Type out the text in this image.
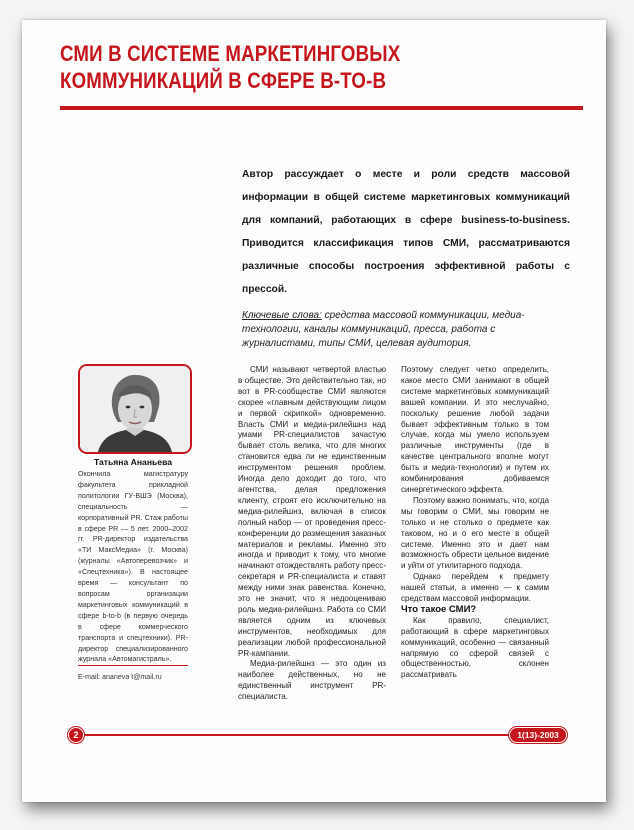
СМИ В СИСТЕМЕ МАРКЕТИНГОВЫХ КОММУНИКАЦИЙ В СФЕРЕ В-ТО-В
Автор рассуждает о месте и роли средств массовой информации в общей системе маркетинговых коммуникаций для компаний, работающих в сфере business-to-business. Приводится классификация типов СМИ, рассматриваются различные способы построения эффективной работы с прессой.
Ключевые слова: средства массовой коммуникации, медиа-технологии, каналы коммуникаций, пресса, работа с журналистами, типы СМИ, целевая аудитория.
Татьяна Ананьева
Окончила магистратуру факультета прикладной политологии ГУ-ВШЭ (Москва), специальность — корпоративный PR. Стаж работы в сфере PR — 5 лет. 2000–2002 гг. PR-директор издательства «ТИ МаксМедиа» (г. Москва) (журналы «Автоперевозчик» и «Спецтехника»). В настоящее время — консультант по вопросам организации маркетинговых коммуникаций в сфере b-to-b (в первую очередь в сфере коммерческого транспорта и спецтехники). PR-директор специализированного журнала «Автомагистраль».
E-mail: ananeva t@mail.ru

СМИ называют четвертой властью в обществе. Это действительно так, но вот в PR-сообществе СМИ являются скорее «главным действующим лицом и первой скрипкой» одновременно. Власть СМИ и медиа-рилейшнз над умами PR-специалистов зачастую бывает столь велика, что для многих становится едва ли не единственным инструментом решения проблем. Иногда дело доходит до того, что агентства, делая предложения клиенту, строят его исключительно на медиа-рилейшнз, включая в список полный набор — от проведения пресс-конференции до размещения заказных материалов и рекламы. Именно это иногда и приводит к тому, что многие начинают отождествлять работу пресс-секретаря и PR-специалиста и ставят между ними знак равенства. Конечно, это не значит, что я недооцениваю роль медиа-рилейшнз. Работа со СМИ является одним из ключевых инструментов, необходимых для реализации любой профессиональной PR-кампании.

Медиа-рилейшнз — это один из наиболее действенных, но не единственный инструмент PR-специалиста.

Поэтому следует четко определить, какое место СМИ занимают в общей системе маркетинговых коммуникаций вашей компании. И это неслучайно, поскольку решение любой задачи бывает эффективным только в том случае, когда мы умело используем различные инструменты (где в качестве центрального вполне могут быть и медиа-технологии) и путем их комбинирования добиваемся синергетического эффекта.

Поэтому важно понимать, что, когда мы говорим о СМИ, мы говорим не только и не столько о предмете как таковом, но и о его месте в общей системе. Именно это и дает нам возможность обрести цельное видение и уйти от утилитарного подхода.

Однако перейдем к предмету нашей статьи, а именно — к самим средствам массовой информации.

Что такое СМИ?

Как правило, специалист, работающий в сфере маркетинговых коммуникаций, особенно — связанный напрямую со сферой связей с общественностью, склонен рассматривать

2	1(13)-2003
